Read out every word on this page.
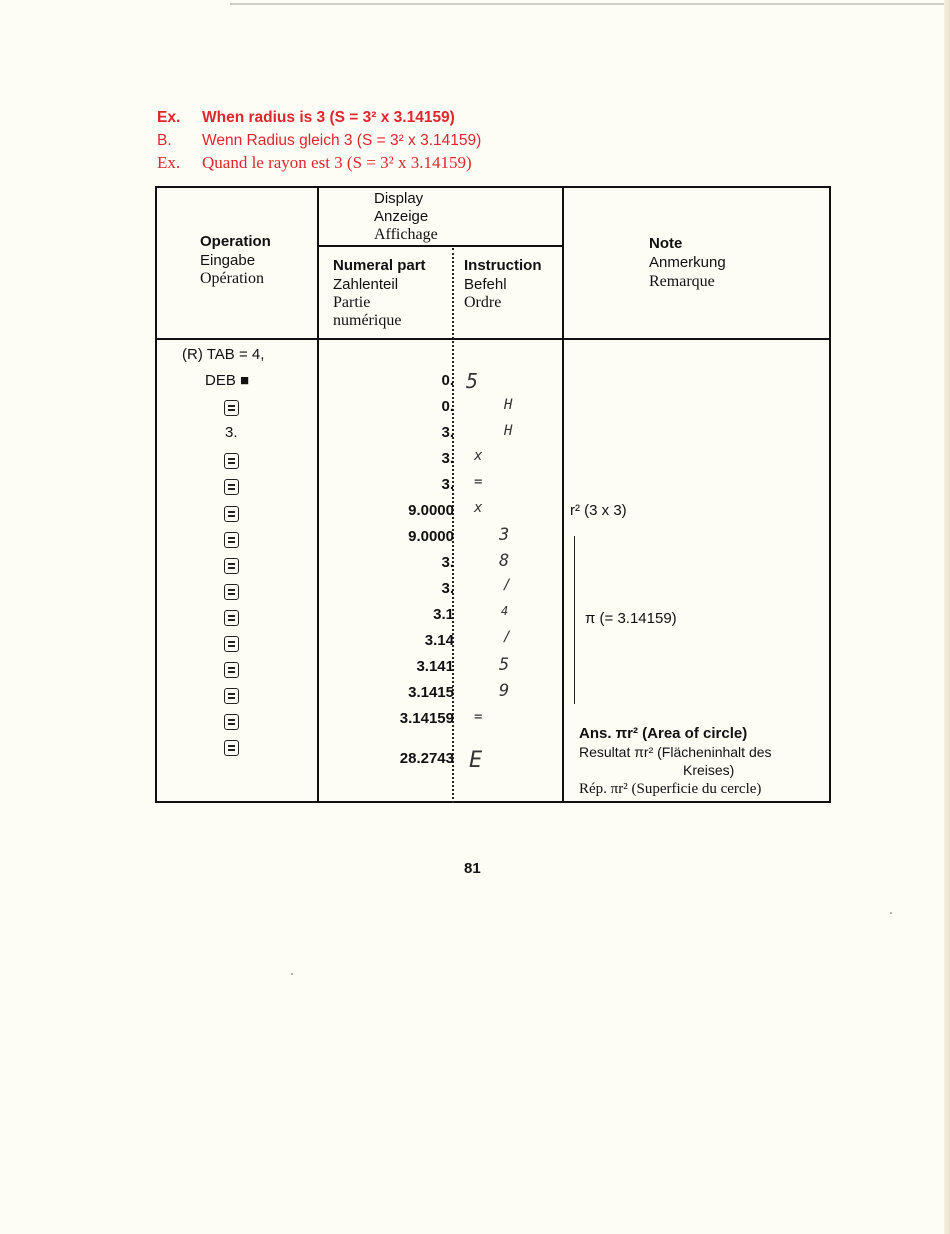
Ex. When radius is 3 (S = 3² x 3.14159)
B. Wenn Radius gleich 3 (S = 3² x 3.14159)
Ex. Quand le rayon est 3 (S = 3² x 3.14159)
Operation
Eingabe
Opération
Display
Anzeige
Affichage
Numeral part
Zahlenteil
Partie
numérique
Instruction
Befehl
Ordre
Note
Anmerkung
Remarque
(R) TAB = 4,
DEB ■
3.
0.
0.
3.
3.
3.
9.0000
9.0000
3.
3.
3.1
3.14
3.141
3.1415
3.14159
28.2743
5
H
H
x
=
x
3
8
/
4
/
5
9
=
E
r² (3 x 3)
π (= 3.14159)
Ans. πr² (Area of circle)
Resultat πr² (Flächeninhalt des
Kreises)
Rép. πr² (Superficie du cercle)
81
